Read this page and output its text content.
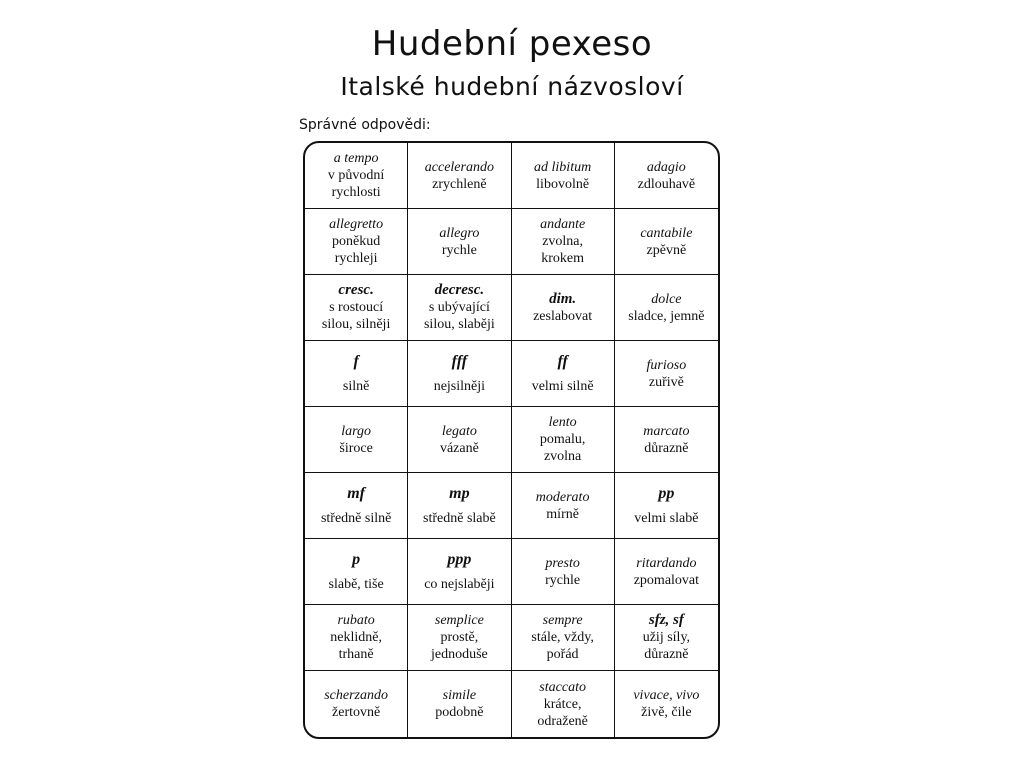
Hudební pexeso
Italské hudební názvosloví
Správné odpovědi:
a tempo
v původní
rychlosti
accelerando
zrychleně
ad libitum
libovolně
adagio
zdlouhavě
allegretto
poněkud
rychleji
allegro
rychle
andante
zvolna,
krokem
cantabile
zpěvně
cresc.
s rostoucí
silou, silněji
decresc.
s ubývající
silou, slaběji
dim.
zeslabovat
dolce
sladce, jemně
f
silně
fff
nejsilněji
ff
velmi silně
furioso
zuřivě
largo
široce
legato
vázaně
lento
pomalu,
zvolna
marcato
důrazně
mf
středně silně
mp
středně slabě
moderato
mírně
pp
velmi slabě
p
slabě, tiše
ppp
co nejslaběji
presto
rychle
ritardando
zpomalovat
rubato
neklidně,
trhaně
semplice
prostě,
jednoduše
sempre
stále, vždy,
pořád
sfz, sf
užij síly,
důrazně
scherzando
žertovně
simile
podobně
staccato
krátce,
odraženě
vivace, vivo
živě, čile
